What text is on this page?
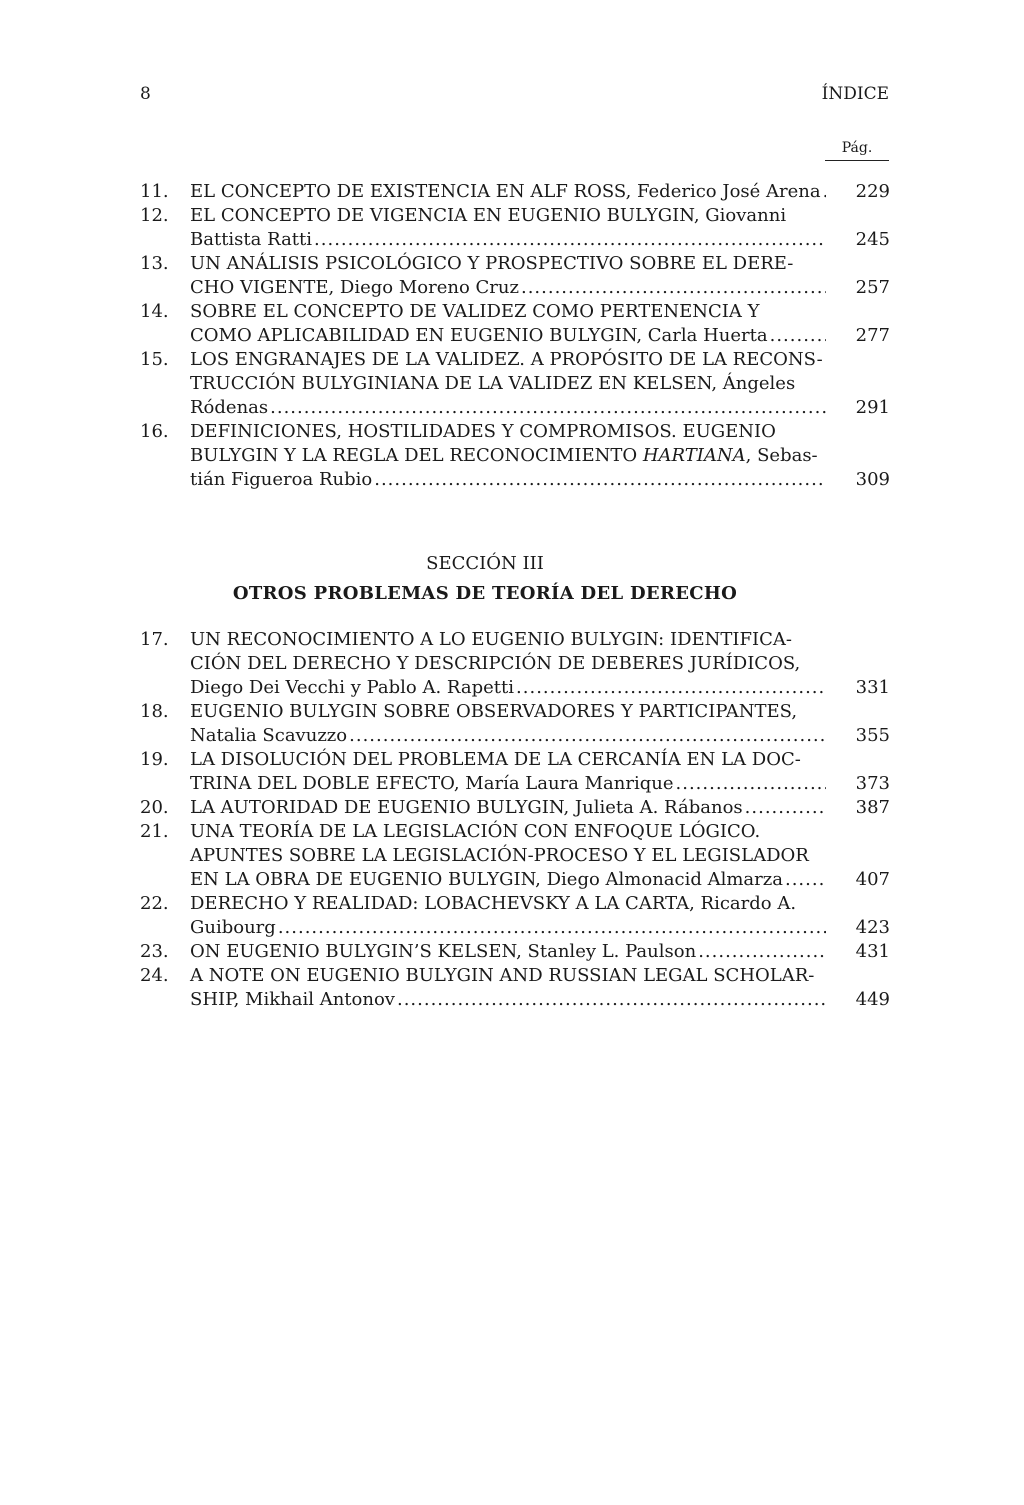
8	ÍNDICE
Pág.
11.	EL CONCEPTO DE EXISTENCIA EN ALF ROSS, Federico José Arena .....	229
12.	EL CONCEPTO DE VIGENCIA EN EUGENIO BULYGIN, Giovanni
Battista Ratti .....	245
13.	UN ANÁLISIS PSICOLÓGICO Y PROSPECTIVO SOBRE EL DERE-
CHO VIGENTE, Diego Moreno Cruz .....	257
14.	SOBRE EL CONCEPTO DE VALIDEZ COMO PERTENENCIA Y
COMO APLICABILIDAD EN EUGENIO BULYGIN, Carla Huerta .....	277
15.	LOS ENGRANAJES DE LA VALIDEZ. A PROPÓSITO DE LA RECONS-
TRUCCIÓN BULYGINIANA DE LA VALIDEZ EN KELSEN, Ángeles
Ródenas .....	291
16.	DEFINICIONES, HOSTILIDADES Y COMPROMISOS. EUGENIO
BULYGIN Y LA REGLA DEL RECONOCIMIENTO HARTIANA, Sebas-
tián Figueroa Rubio .....	309
SECCIÓN III
OTROS PROBLEMAS DE TEORÍA DEL DERECHO
17.	UN RECONOCIMIENTO A LO EUGENIO BULYGIN: IDENTIFICA-
CIÓN DEL DERECHO Y DESCRIPCIÓN DE DEBERES JURÍDICOS,
Diego Dei Vecchi y Pablo A. Rapetti .....	331
18.	EUGENIO BULYGIN SOBRE OBSERVADORES Y PARTICIPANTES,
Natalia Scavuzzo .....	355
19.	LA DISOLUCIÓN DEL PROBLEMA DE LA CERCANÍA EN LA DOC-
TRINA DEL DOBLE EFECTO, María Laura Manrique .....	373
20.	LA AUTORIDAD DE EUGENIO BULYGIN, Julieta A. Rábanos .....	387
21.	UNA TEORÍA DE LA LEGISLACIÓN CON ENFOQUE LÓGICO.
APUNTES SOBRE LA LEGISLACIÓN-PROCESO Y EL LEGISLADOR
EN LA OBRA DE EUGENIO BULYGIN, Diego Almonacid Almarza .....	407
22.	DERECHO Y REALIDAD: LOBACHEVSKY A LA CARTA, Ricardo A.
Guibourg .....	423
23.	ON EUGENIO BULYGIN’S KELSEN, Stanley L. Paulson .....	431
24.	A NOTE ON EUGENIO BULYGIN AND RUSSIAN LEGAL SCHOLAR-
SHIP, Mikhail Antonov .....	449
